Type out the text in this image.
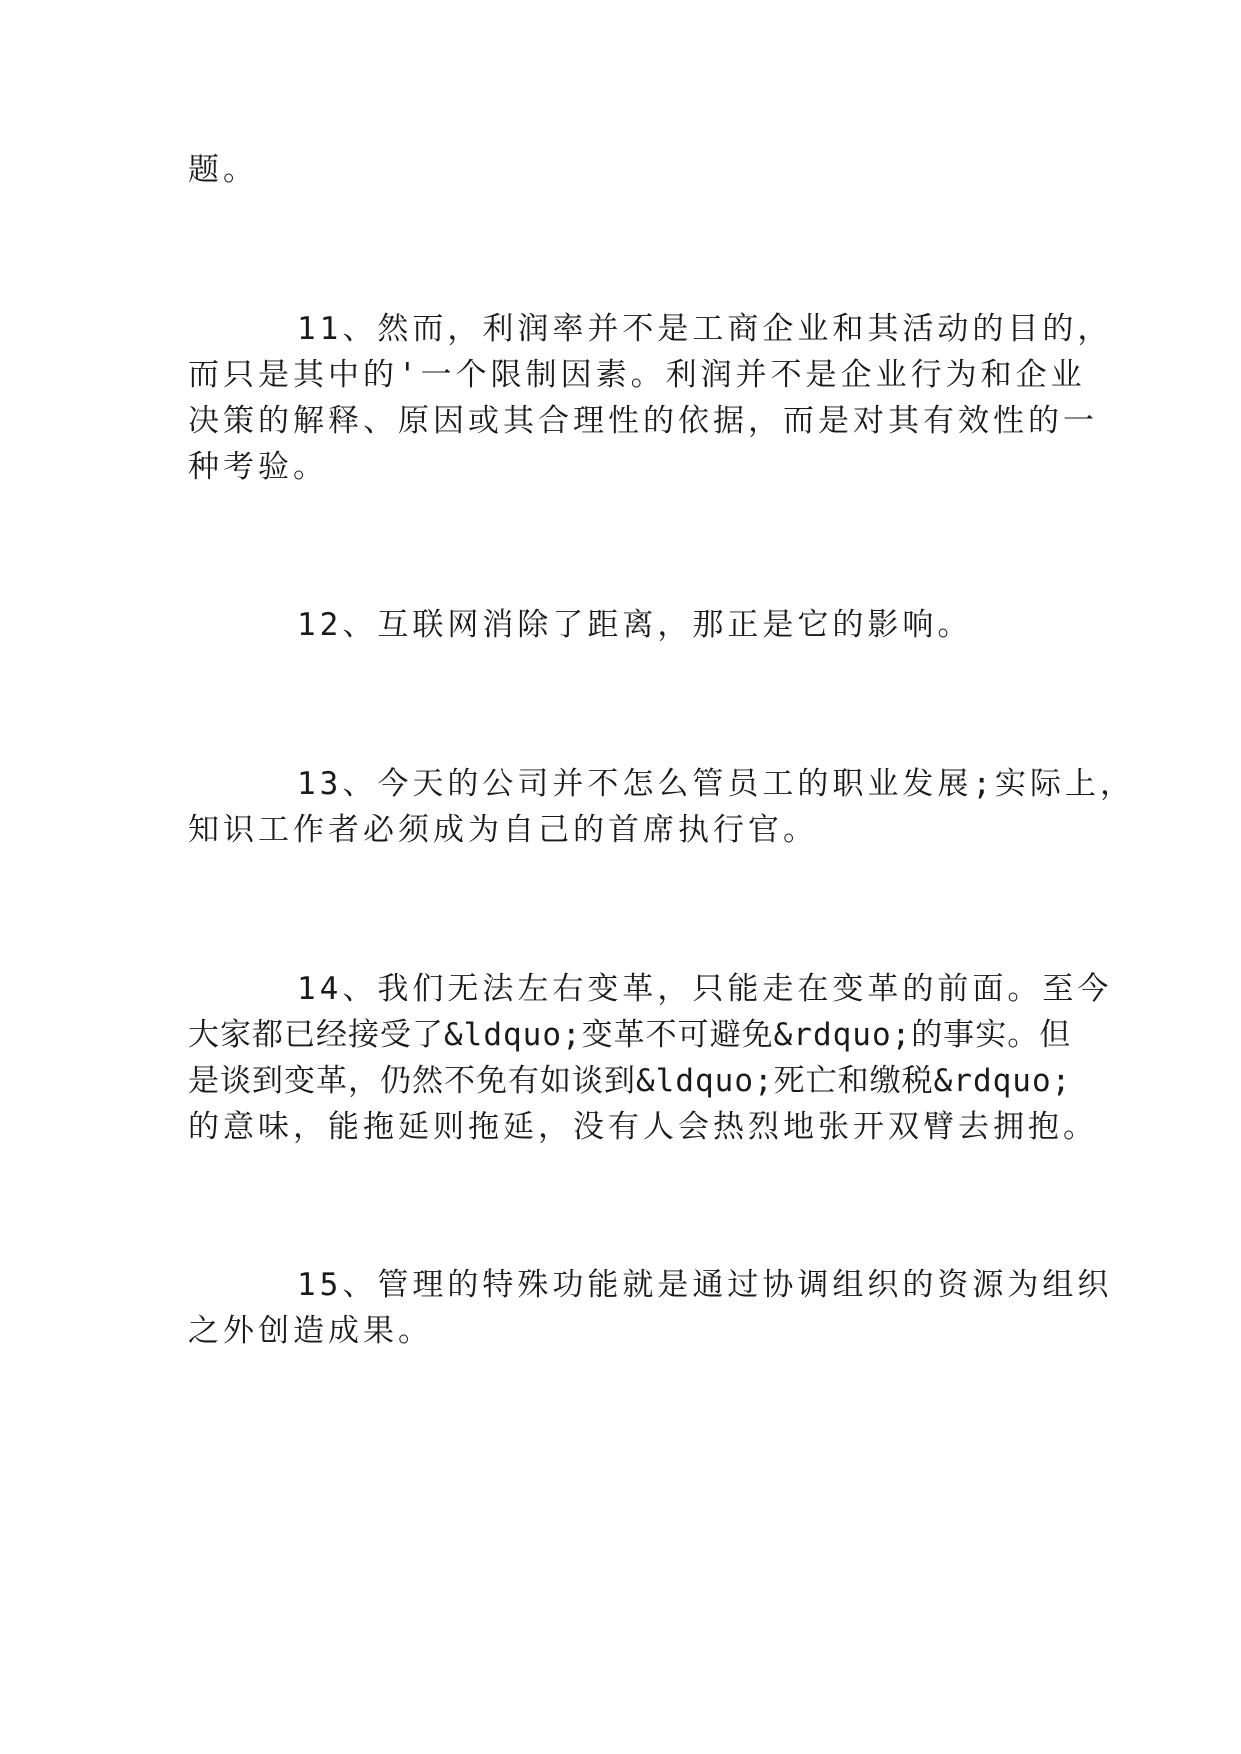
题。
11、然而，利润率并不是工商企业和其活动的目的，
而只是其中的'一个限制因素。利润并不是企业行为和企业
决策的解释、原因或其合理性的依据，而是对其有效性的一
种考验。
12、互联网消除了距离，那正是它的影响。
13、今天的公司并不怎么管员工的职业发展;实际上，
知识工作者必须成为自己的首席执行官。
14、我们无法左右变革，只能走在变革的前面。至今
大家都已经接受了&ldquo;变革不可避免&rdquo;的事实。但
是谈到变革，仍然不免有如谈到&ldquo;死亡和缴税&rdquo;
的意味，能拖延则拖延，没有人会热烈地张开双臂去拥抱。
15、管理的特殊功能就是通过协调组织的资源为组织
之外创造成果。
